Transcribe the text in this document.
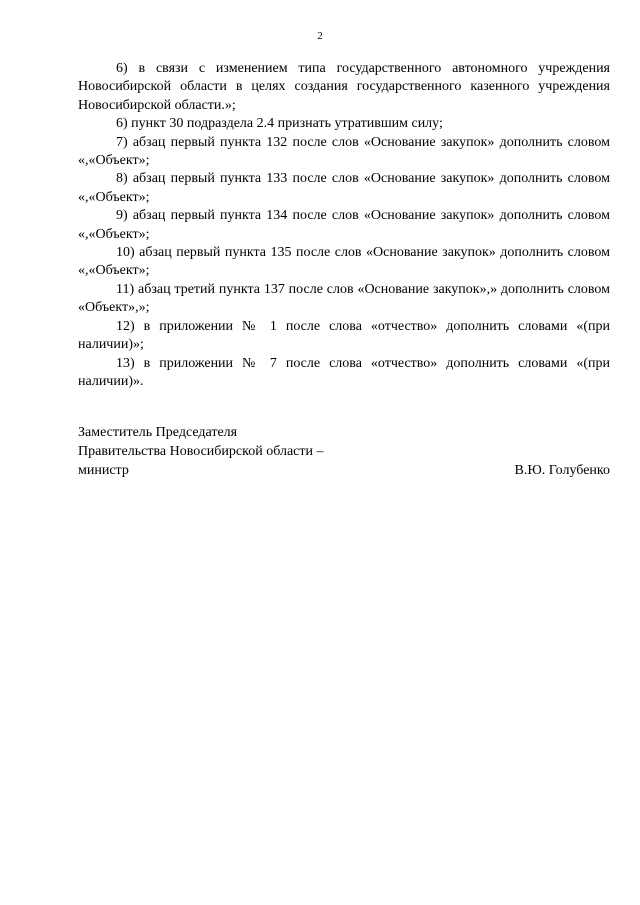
2

6) в связи с изменением типа государственного автономного учреждения Новосибирской области в целях создания государственного казенного учреждения Новосибирской области.»;

6) пункт 30 подраздела 2.4 признать утратившим силу;

7) абзац первый пункта 132 после слов «Основание закупок» дополнить словом «,«Объект»;

8) абзац первый пункта 133 после слов «Основание закупок» дополнить словом «,«Объект»;

9) абзац первый пункта 134 после слов «Основание закупок» дополнить словом «,«Объект»;

10) абзац первый пункта 135 после слов «Основание закупок» дополнить словом «,«Объект»;

11) абзац третий пункта 137 после слов «Основание закупок»,» дополнить словом «Объект»,»;

12) в приложении № 1 после слова «отчество» дополнить словами «(при наличии)»;

13) в приложении № 7 после слова «отчество» дополнить словами «(при наличии)».

Заместитель Председателя
Правительства Новосибирской области –
министр	В.Ю. Голубенко
